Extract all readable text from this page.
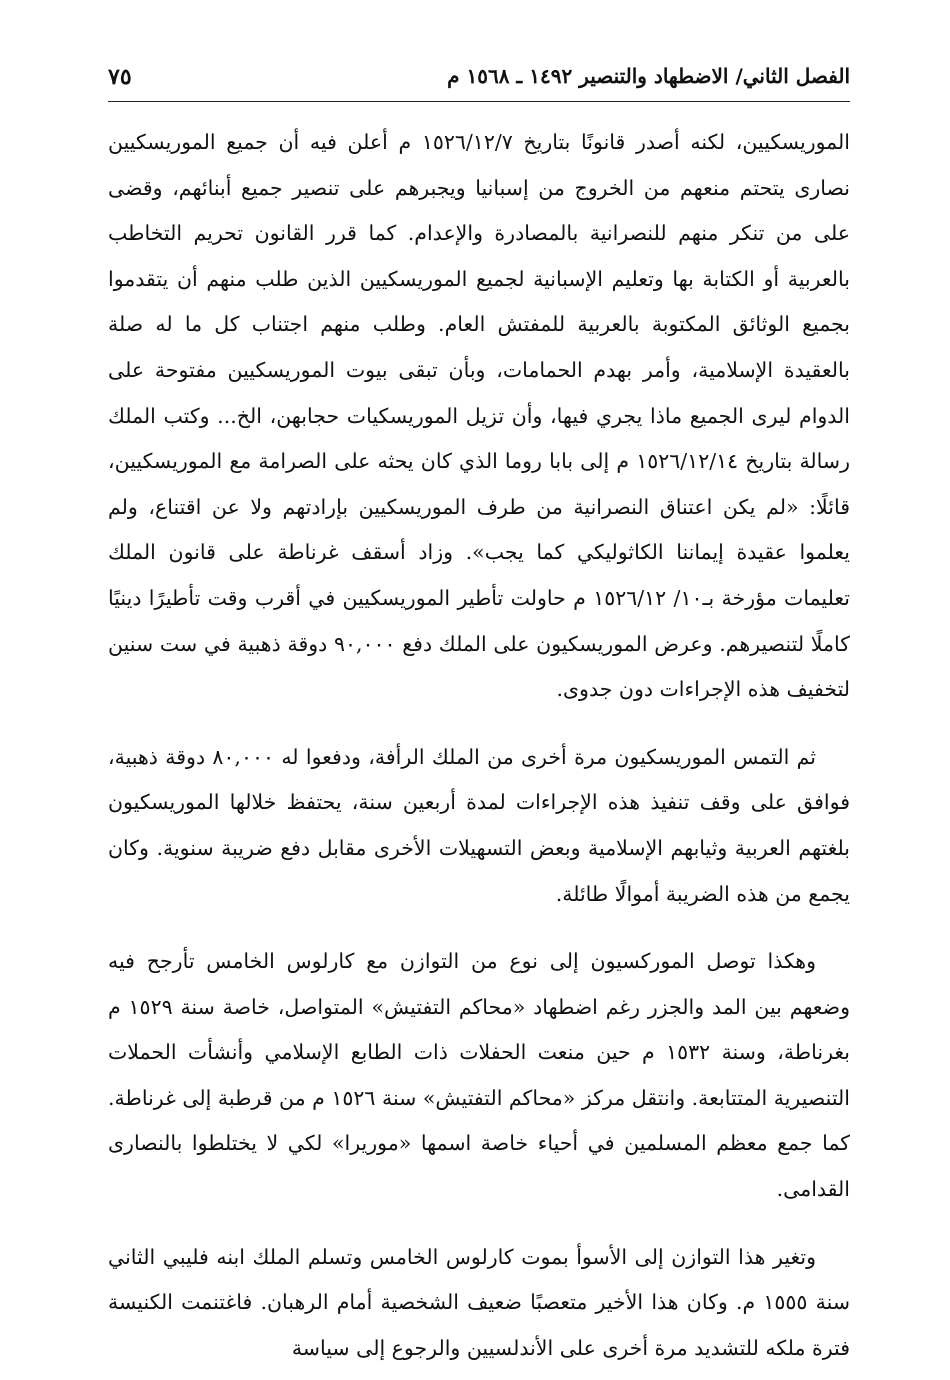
الفصل الثاني/ الاضطهاد والتنصير ١٤٩٢ ـ ١٥٦٨ م
٧٥

الموريسكيين، لكنه أصدر قانونًا بتاريخ ١٥٢٦/١٢/٧ م أعلن فيه أن جميع الموريسكيين نصارى يتحتم منعهم من الخروج من إسبانيا ويجبرهم على تنصير جميع أبنائهم، وقضى على من تنكر منهم للنصرانية بالمصادرة والإعدام. كما قرر القانون تحريم التخاطب بالعربية أو الكتابة بها وتعليم الإسبانية لجميع الموريسكيين الذين طلب منهم أن يتقدموا بجميع الوثائق المكتوبة بالعربية للمفتش العام. وطلب منهم اجتناب كل ما له صلة بالعقيدة الإسلامية، وأمر بهدم الحمامات، وبأن تبقى بيوت الموريسكيين مفتوحة على الدوام ليرى الجميع ماذا يجري فيها، وأن تزيل الموريسكيات حجابهن، الخ... وكتب الملك رسالة بتاريخ ١٥٢٦/١٢/١٤ م إلى بابا روما الذي كان يحثه على الصرامة مع الموريسكيين، قائلًا: «لم يكن اعتناق النصرانية من طرف الموريسكيين بإرادتهم ولا عن اقتناع، ولم يعلموا عقيدة إيماننا الكاثوليكي كما يجب». وزاد أسقف غرناطة على قانون الملك تعليمات مؤرخة بـ١٠/ ١٥٢٦/١٢ م حاولت تأطير الموريسكيين في أقرب وقت تأطيرًا دينيًا كاملًا لتنصيرهم. وعرض الموريسكيون على الملك دفع ٩٠,٠٠٠ دوقة ذهبية في ست سنين لتخفيف هذه الإجراءات دون جدوى.

ثم التمس الموريسكيون مرة أخرى من الملك الرأفة، ودفعوا له ٨٠,٠٠٠ دوقة ذهبية، فوافق على وقف تنفيذ هذه الإجراءات لمدة أربعين سنة، يحتفظ خلالها الموريسكيون بلغتهم العربية وثيابهم الإسلامية وبعض التسهيلات الأخرى مقابل دفع ضريبة سنوية. وكان يجمع من هذه الضريبة أموالًا طائلة.

وهكذا توصل الموركسيون إلى نوع من التوازن مع كارلوس الخامس تأرجح فيه وضعهم بين المد والجزر رغم اضطهاد «محاكم التفتيش» المتواصل، خاصة سنة ١٥٢٩ م بغرناطة، وسنة ١٥٣٢ م حين منعت الحفلات ذات الطابع الإسلامي وأنشأت الحملات التنصيرية المتتابعة. وانتقل مركز «محاكم التفتيش» سنة ١٥٢٦ م من قرطبة إلى غرناطة. كما جمع معظم المسلمين في أحياء خاصة اسمها «موريرا» لكي لا يختلطوا بالنصارى القدامى.

وتغير هذا التوازن إلى الأسوأ بموت كارلوس الخامس وتسلم الملك ابنه فليبي الثاني سنة ١٥٥٥ م. وكان هذا الأخير متعصبًا ضعيف الشخصية أمام الرهبان. فاغتنمت الكنيسة فترة ملكه للتشديد مرة أخرى على الأندلسيين والرجوع إلى سياسة
